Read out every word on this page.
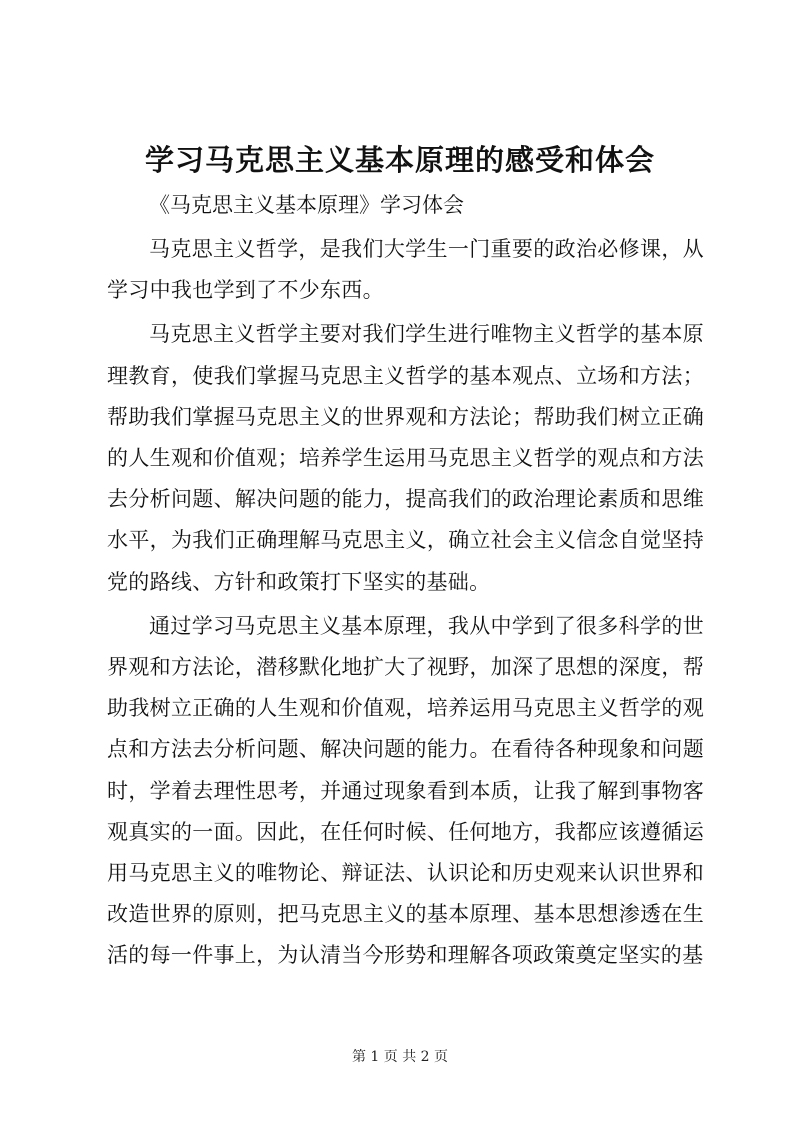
学习马克思主义基本原理的感受和体会

《马克思主义基本原理》学习体会

马克思主义哲学，是我们大学生一门重要的政治必修课，从学习中我也学到了不少东西。

马克思主义哲学主要对我们学生进行唯物主义哲学的基本原理教育，使我们掌握马克思主义哲学的基本观点、立场和方法；帮助我们掌握马克思主义的世界观和方法论；帮助我们树立正确的人生观和价值观；培养学生运用马克思主义哲学的观点和方法去分析问题、解决问题的能力，提高我们的政治理论素质和思维水平，为我们正确理解马克思主义，确立社会主义信念自觉坚持党的路线、方针和政策打下坚实的基础。

通过学习马克思主义基本原理，我从中学到了很多科学的世界观和方法论，潜移默化地扩大了视野，加深了思想的深度，帮助我树立正确的人生观和价值观，培养运用马克思主义哲学的观点和方法去分析问题、解决问题的能力。在看待各种现象和问题时，学着去理性思考，并通过现象看到本质，让我了解到事物客观真实的一面。因此，在任何时候、任何地方，我都应该遵循运用马克思主义的唯物论、辩证法、认识论和历史观来认识世界和改造世界的原则，把马克思主义的基本原理、基本思想渗透在生活的每一件事上，为认清当今形势和理解各项政策奠定坚实的基

第 1 页 共 2 页
